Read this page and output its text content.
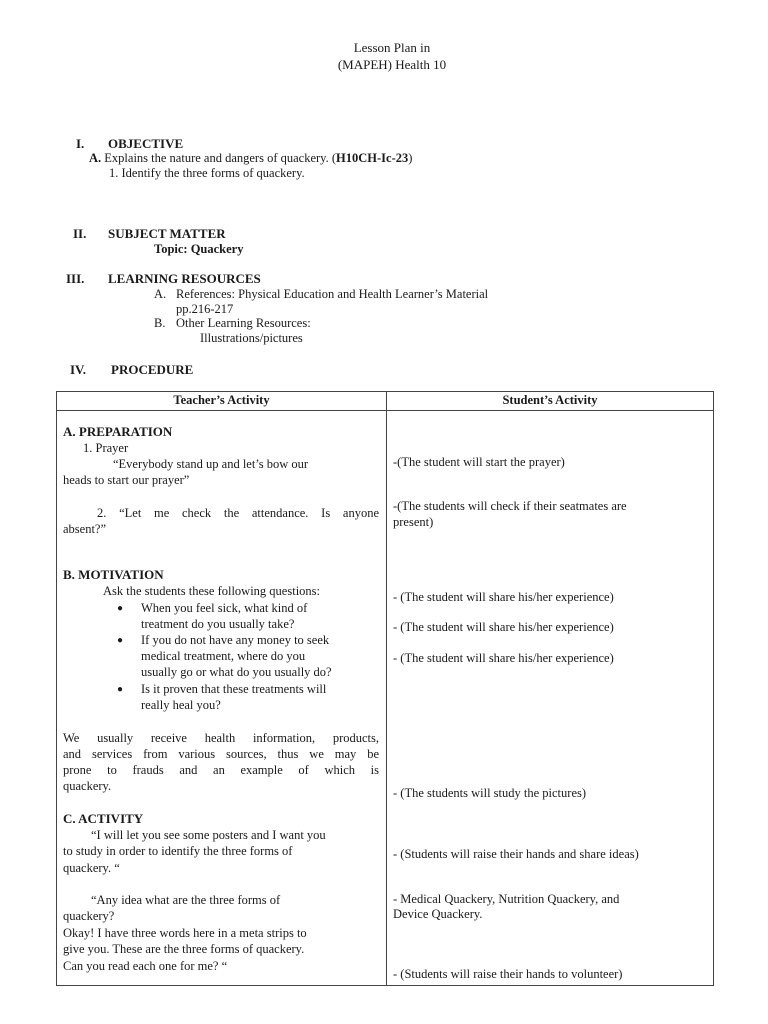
Lesson Plan in
(MAPEH) Health 10
I. OBJECTIVE
A. Explains the nature and dangers of quackery. (H10CH-Ic-23)
1. Identify the three forms of quackery.
II. SUBJECT MATTER
Topic: Quackery
III. LEARNING RESOURCES
A. References: Physical Education and Health Learner’s Material
pp.216-217
B. Other Learning Resources:
Illustrations/pictures
IV. PROCEDURE
Teacher’s Activity	Student’s Activity
A. PREPARATION
1. Prayer
“Everybody stand up and let’s bow our
heads to start our prayer”
2. “Let me check the attendance. Is anyone
absent?”
B. MOTIVATION
Ask the students these following questions:
● When you feel sick, what kind of
treatment do you usually take?
● If you do not have any money to seek
medical treatment, where do you
usually go or what do you usually do?
● Is it proven that these treatments will
really heal you?
We usually receive health information, products,
and services from various sources, thus we may be
prone to frauds and an example of which is
quackery.
C. ACTIVITY
“I will let you see some posters and I want you
to study in order to identify the three forms of
quackery. “
“Any idea what are the three forms of
quackery?
Okay! I have three words here in a meta strips to
give you. These are the three forms of quackery.
Can you read each one for me? “
-(The student will start the prayer)
-(The students will check if their seatmates are
present)
- (The student will share his/her experience)
- (The student will share his/her experience)
- (The student will share his/her experience)
- (The students will study the pictures)
- (Students will raise their hands and share ideas)
- Medical Quackery, Nutrition Quackery, and
Device Quackery.
- (Students will raise their hands to volunteer)
